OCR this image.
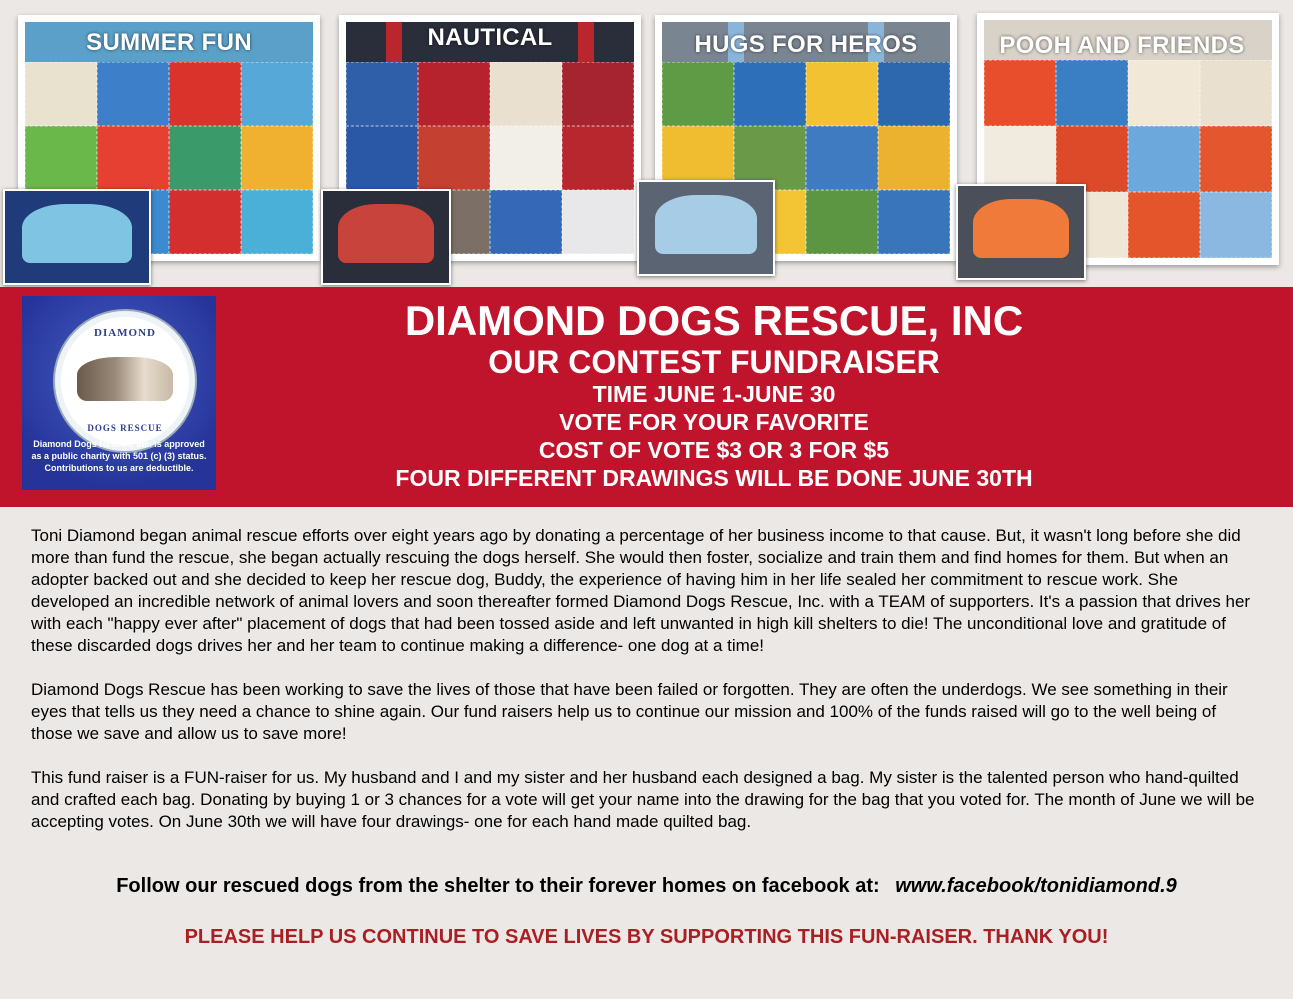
SUMMER FUN	NAUTICAL	HUGS FOR HEROS	POOH AND FRIENDS
DIAMOND
DOGS RESCUE
Diamond Dogs Rescue, Inc. is approved as a public charity with 501 (c) (3) status. Contributions to us are deductible.
DIAMOND DOGS RESCUE, INC
OUR CONTEST FUNDRAISER
TIME JUNE 1-JUNE 30
VOTE FOR YOUR FAVORITE
COST OF VOTE $3 OR 3 FOR $5
FOUR DIFFERENT DRAWINGS WILL BE DONE JUNE 30TH

Toni Diamond began animal rescue efforts over eight years ago by donating a percentage of her business income to that cause. But, it wasn't long before she did more than fund the rescue, she began actually rescuing the dogs herself. She would then foster, socialize and train them and find homes for them. But when an adopter backed out and she decided to keep her rescue dog, Buddy, the experience of having him in her life sealed her commitment to rescue work. She developed an incredible network of animal lovers and soon thereafter formed Diamond Dogs Rescue, Inc. with a TEAM of supporters. It's a passion that drives her with each "happy ever after" placement of dogs that had been tossed aside and left unwanted in high kill shelters to die! The unconditional love and gratitude of these discarded dogs drives her and her team to continue making a difference- one dog at a time!

Diamond Dogs Rescue has been working to save the lives of those that have been failed or forgotten. They are often the underdogs. We see something in their eyes that tells us they need a chance to shine again. Our fund raisers help us to continue our mission and 100% of the funds raised will go to the well being of those we save and allow us to save more!

This fund raiser is a FUN-raiser for us. My husband and I and my sister and her husband each designed a bag. My sister is the talented person who hand-quilted and crafted each bag. Donating by buying 1 or 3 chances for a vote will get your name into the drawing for the bag that you voted for. The month of June we will be accepting votes. On June 30th we will have four drawings- one for each hand made quilted bag.

Follow our rescued dogs from the shelter to their forever homes on facebook at: www.facebook/tonidiamond.9
PLEASE HELP US CONTINUE TO SAVE LIVES BY SUPPORTING THIS FUN-RAISER. THANK YOU!
